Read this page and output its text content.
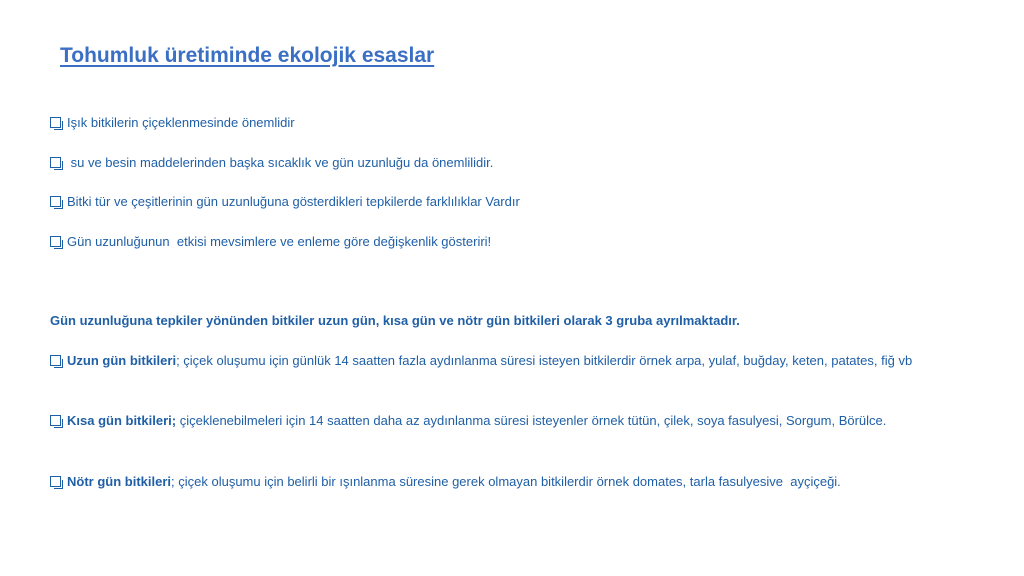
Tohumluk üretiminde ekolojik esaslar
Işık bitkilerin çiçeklenmesinde önemlidir
su ve besin maddelerinden başka sıcaklık ve gün uzunluğu da önemlilidir.
Bitki tür ve çeşitlerinin gün uzunluğuna gösterdikleri tepkilerde farklılıklar Vardır
Gün uzunluğunun  etkisi mevsimlere ve enleme göre değişkenlik gösteriri!
Gün uzunluğuna tepkiler yönünden bitkiler uzun gün, kısa gün ve nötr gün bitkileri olarak 3 gruba ayrılmaktadır.
Uzun gün bitkileri; çiçek oluşumu için günlük 14 saatten fazla aydınlanma süresi isteyen bitkilerdir örnek arpa, yulaf, buğday, keten, patates, fiğ vb
Kısa gün bitkileri; çiçeklenebilmeleri için 14 saatten daha az aydınlanma süresi isteyenler örnek tütün, çilek, soya fasulyesi, Sorgum, Börülce.
Nötr gün bitkileri; çiçek oluşumu için belirli bir ışınlanma süresine gerek olmayan bitkilerdir örnek domates, tarla fasulyesive  ayçiçeği.
